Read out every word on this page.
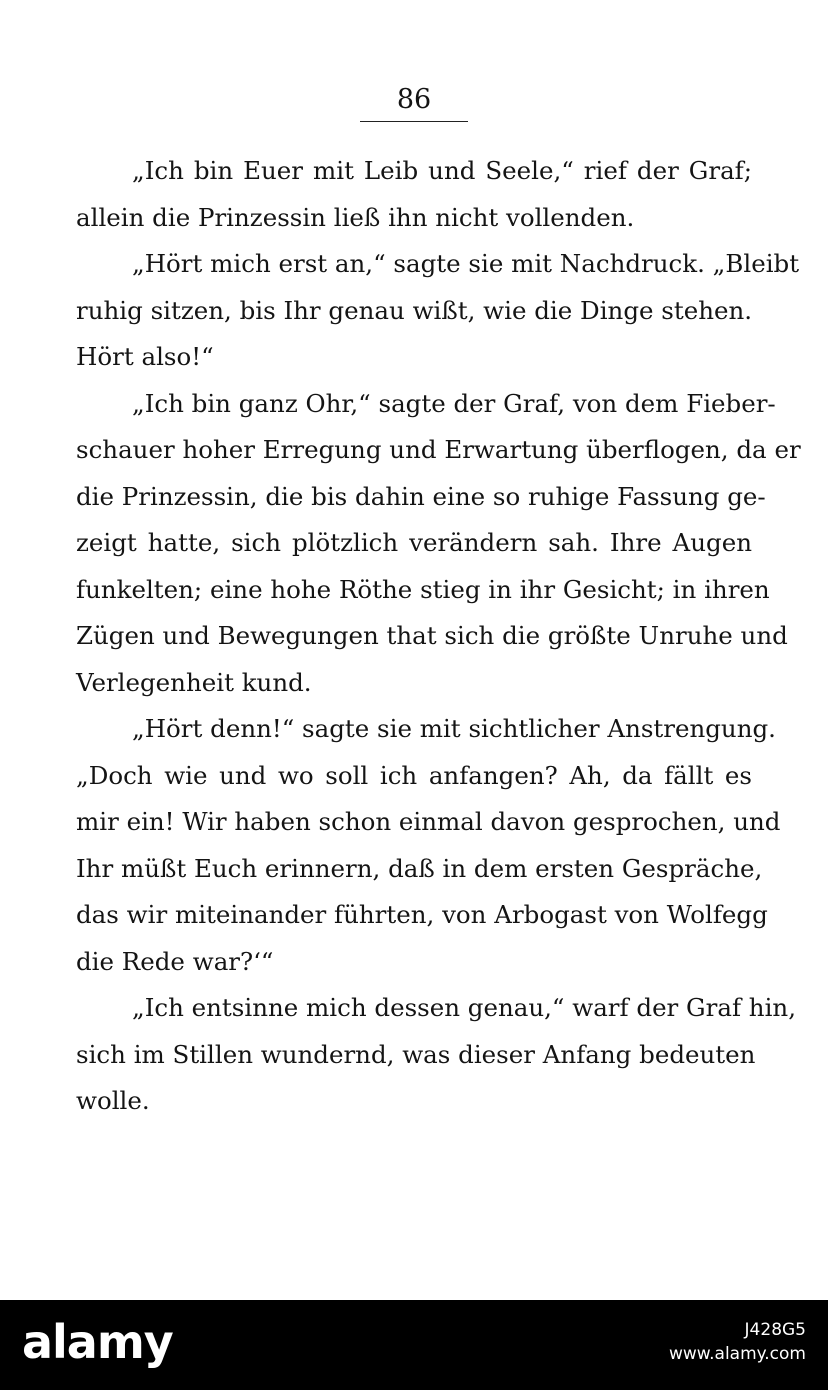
86
„Ich bin Euer mit Leib und Seele,“ rief der Graf;
allein die Prinzessin ließ ihn nicht vollenden.
„Hört mich erst an,“ sagte sie mit Nachdruck. „Bleibt
ruhig sitzen, bis Ihr genau wißt, wie die Dinge stehen.
Hört also!“
„Ich bin ganz Ohr,“ sagte der Graf, von dem Fieber-
schauer hoher Erregung und Erwartung überflogen, da er
die Prinzessin, die bis dahin eine so ruhige Fassung ge-
zeigt hatte, sich plötzlich verändern sah. Ihre Augen
funkelten; eine hohe Röthe stieg in ihr Gesicht; in ihren
Zügen und Bewegungen that sich die größte Unruhe und
Verlegenheit kund.
„Hört denn!“ sagte sie mit sichtlicher Anstrengung.
„Doch wie und wo soll ich anfangen? Ah, da fällt es
mir ein! Wir haben schon einmal davon gesprochen, und
Ihr müßt Euch erinnern, daß in dem ersten Gespräche,
das wir miteinander führten, von Arbogast von Wolfegg
die Rede war?‘“
„Ich entsinne mich dessen genau,“ warf der Graf hin,
sich im Stillen wundernd, was dieser Anfang bedeuten
wolle.
alamy	J428G5
www.alamy.com
